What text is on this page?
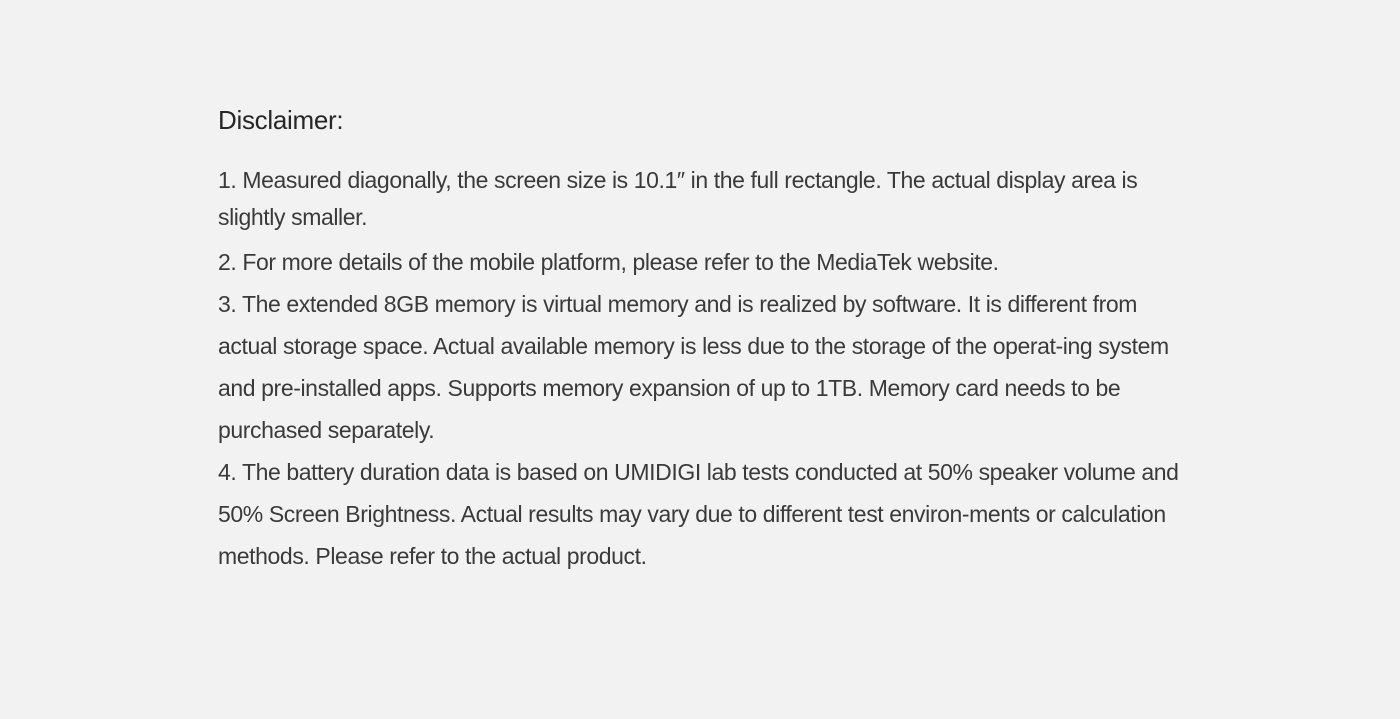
Disclaimer:

1. Measured diagonally, the screen size is 10.1″ in the full rectangle. The actual display area is slightly smaller.

2. For more details of the mobile platform, please refer to the MediaTek website.

3. The extended 8GB memory is virtual memory and is realized by software. It is different from actual storage space. Actual available memory is less due to the storage of the operat-ing system and pre-installed apps. Supports memory expansion of up to 1TB. Memory card needs to be purchased separately.

4. The battery duration data is based on UMIDIGI lab tests conducted at 50% speaker volume and 50% Screen Brightness. Actual results may vary due to different test environ-ments or calculation methods. Please refer to the actual product.
